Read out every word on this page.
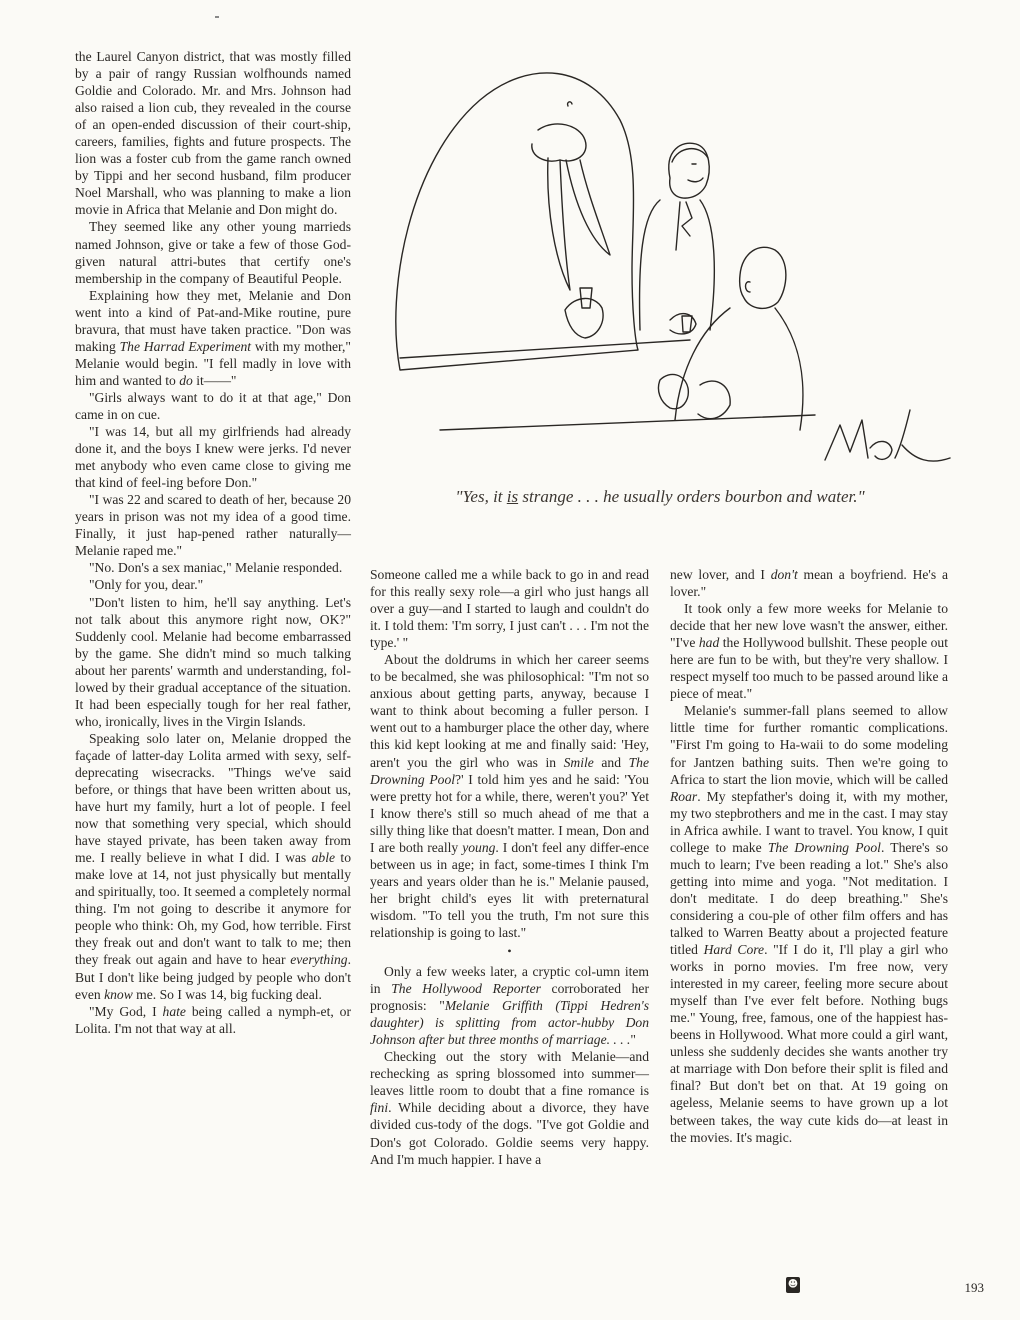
the Laurel Canyon district, that was mostly filled by a pair of rangy Russian wolfhounds named Goldie and Colorado. Mr. and Mrs. Johnson had also raised a lion cub, they revealed in the course of an open-ended discussion of their court-ship, careers, families, fights and future prospects. The lion was a foster cub from the game ranch owned by Tippi and her second husband, film producer Noel Marshall, who was planning to make a lion movie in Africa that Melanie and Don might do.

They seemed like any other young marrieds named Johnson, give or take a few of those God-given natural attri-butes that certify one's membership in the company of Beautiful People.

Explaining how they met, Melanie and Don went into a kind of Pat-and-Mike routine, pure bravura, that must have taken practice. "Don was making The Harrad Experiment with my mother," Melanie would begin. "I fell madly in love with him and wanted to do it——"

"Girls always want to do it at that age," Don came in on cue.

"I was 14, but all my girlfriends had already done it, and the boys I knew were jerks. I'd never met anybody who even came close to giving me that kind of feel-ing before Don."

"I was 22 and scared to death of her, because 20 years in prison was not my idea of a good time. Finally, it just hap-pened rather naturally—Melanie raped me."

"No. Don's a sex maniac," Melanie responded.

"Only for you, dear."

"Don't listen to him, he'll say anything. Let's not talk about this anymore right now, OK?" Suddenly cool. Melanie had become embarrassed by the game. She didn't mind so much talking about her parents' warmth and understanding, fol-lowed by their gradual acceptance of the situation. It had been especially tough for her real father, who, ironically, lives in the Virgin Islands.

Speaking solo later on, Melanie dropped the façade of latter-day Lolita armed with sexy, self-deprecating wisecracks. "Things we've said before, or things that have been written about us, have hurt my family, hurt a lot of people. I feel now that something very special, which should have stayed private, has been taken away from me. I really believe in what I did. I was able to make love at 14, not just physically but mentally and spiritually, too. It seemed a completely normal thing. I'm not going to describe it anymore for people who think: Oh, my God, how terrible. First they freak out and don't want to talk to me; then they freak out again and have to hear everything. But I don't like being judged by people who don't even know me. So I was 14, big fucking deal.

"My God, I hate being called a nymph-et, or Lolita. I'm not that way at all.

Someone called me a while back to go in and read for this really sexy role—a girl who just hangs all over a guy—and I started to laugh and couldn't do it. I told them: 'I'm sorry, I just can't . . . I'm not the type.' "

About the doldrums in which her career seems to be becalmed, she was philosophical: "I'm not so anxious about getting parts, anyway, because I want to think about becoming a fuller person. I went out to a hamburger place the other day, where this kid kept looking at me and finally said: 'Hey, aren't you the girl who was in Smile and The Drowning Pool?' I told him yes and he said: 'You were pretty hot for a while, there, weren't you?' Yet I know there's still so much ahead of me that a silly thing like that doesn't matter. I mean, Don and I are both really young. I don't feel any differ-ence between us in age; in fact, some-times I think I'm years and years older than he is." Melanie paused, her bright child's eyes lit with preternatural wisdom. "To tell you the truth, I'm not sure this relationship is going to last."

•

Only a few weeks later, a cryptic col-umn item in The Hollywood Reporter corroborated her prognosis: "Melanie Griffith (Tippi Hedren's daughter) is splitting from actor-hubby Don Johnson after but three months of marriage. . . ."

Checking out the story with Melanie—and rechecking as spring blossomed into summer—leaves little room to doubt that a fine romance is fini. While deciding about a divorce, they have divided cus-tody of the dogs. "I've got Goldie and Don's got Colorado. Goldie seems very happy. And I'm much happier. I have a

new lover, and I don't mean a boyfriend. He's a lover."

It took only a few more weeks for Melanie to decide that her new love wasn't the answer, either. "I've had the Hollywood bullshit. These people out here are fun to be with, but they're very shallow. I respect myself too much to be passed around like a piece of meat."

Melanie's summer-fall plans seemed to allow little time for further romantic complications. "First I'm going to Ha-waii to do some modeling for Jantzen bathing suits. Then we're going to Africa to start the lion movie, which will be called Roar. My stepfather's doing it, with my mother, my two stepbrothers and me in the cast. I may stay in Africa awhile. I want to travel. You know, I quit college to make The Drowning Pool. There's so much to learn; I've been reading a lot." She's also getting into mime and yoga. "Not meditation. I don't meditate. I do deep breathing." She's considering a cou-ple of other film offers and has talked to Warren Beatty about a projected feature titled Hard Core. "If I do it, I'll play a girl who works in porno movies. I'm free now, very interested in my career, feeling more secure about myself than I've ever felt before. Nothing bugs me." Young, free, famous, one of the happiest has-beens in Hollywood. What more could a girl want, unless she suddenly decides she wants another try at marriage with Don before their split is filed and final? But don't bet on that. At 19 going on ageless, Melanie seems to have grown up a lot between takes, the way cute kids do—at least in the movies. It's magic.

"Yes, it is strange . . . he usually orders bourbon and water."
☻	193
